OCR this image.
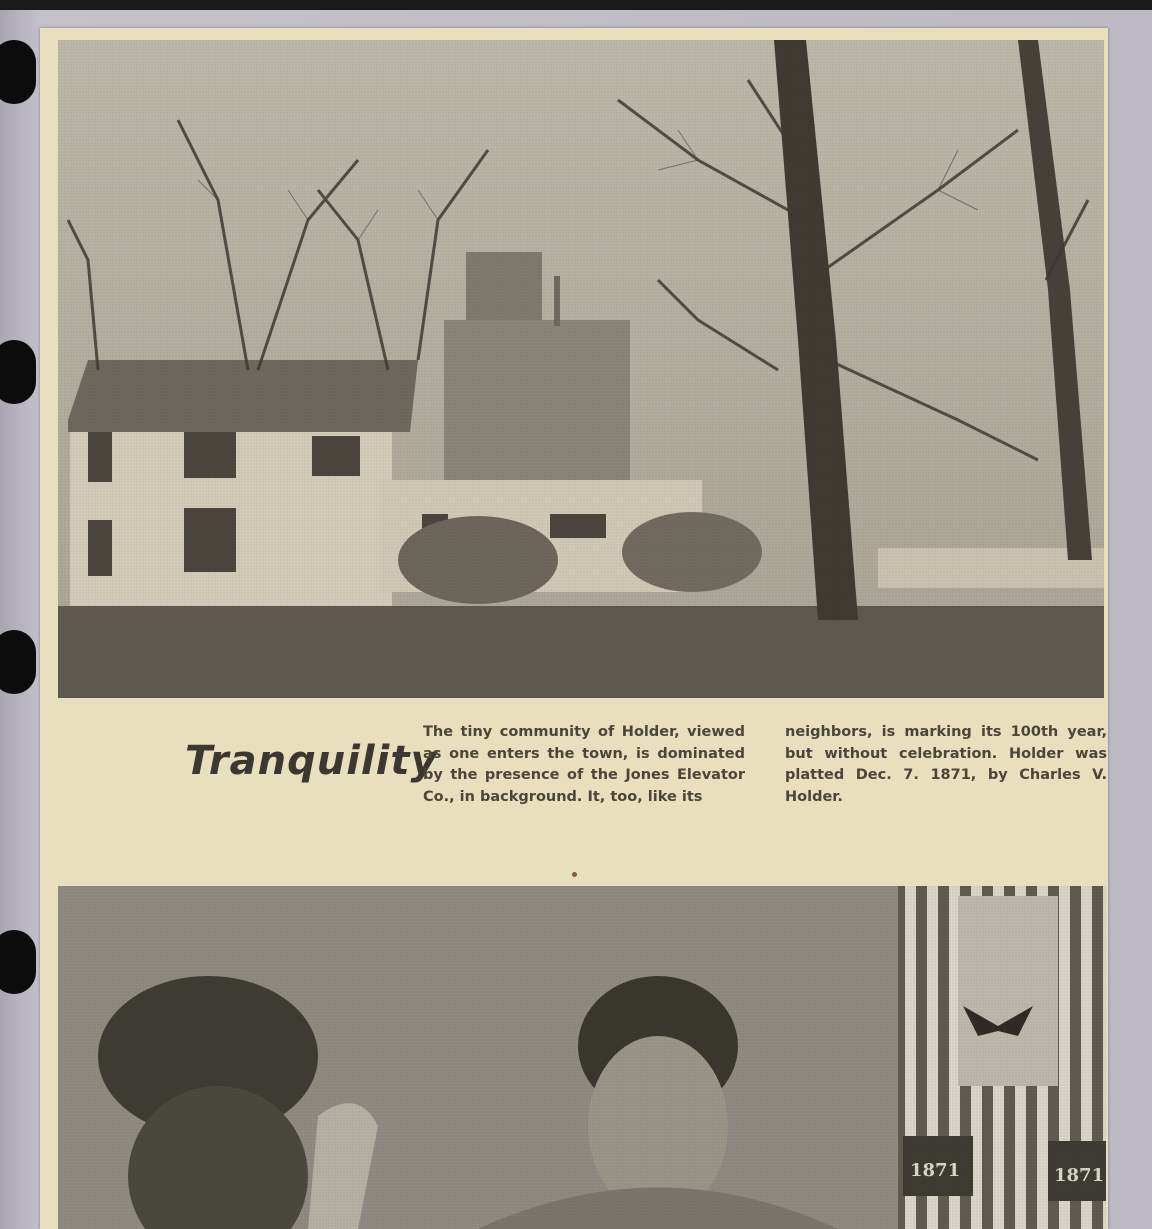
Tranquility

The tiny community of Holder, viewed as one enters the town, is dominated by the presence of the Jones Elevator Co., in background. It, too, like its

neighbors, is marking its 100th year, but without celebration. Holder was platted Dec. 7. 1871, by Charles V. Holder.
